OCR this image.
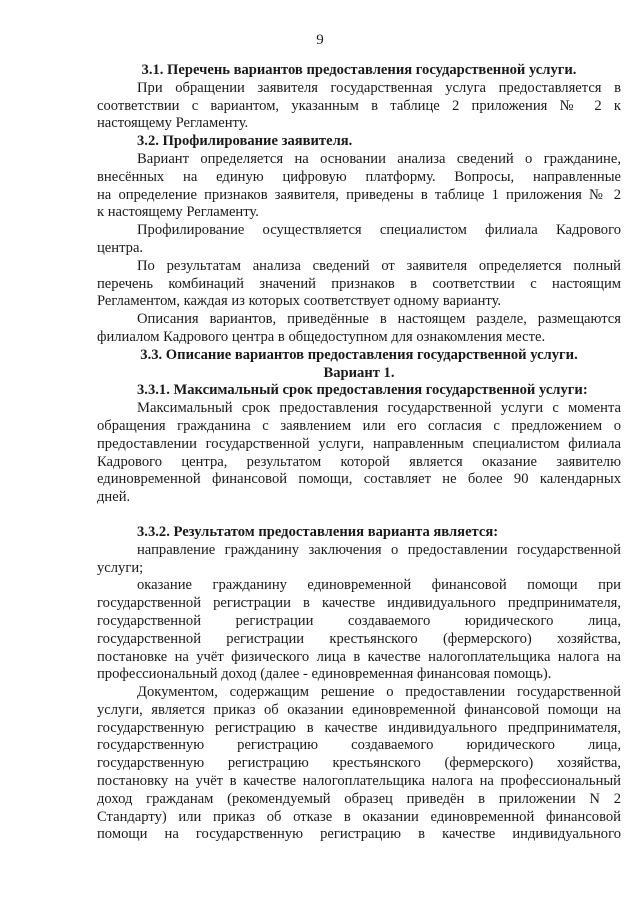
9
3.1. Перечень вариантов предоставления государственной услуги.
При обращении заявителя государственная услуга предоставляется в
соответствии с вариантом, указанным в таблице 2 приложения № 2 к
настоящему Регламенту.
3.2. Профилирование заявителя.
Вариант определяется на основании анализа сведений о гражданине,
внесённых на единую цифровую платформу. Вопросы, направленные
на определение признаков заявителя, приведены в таблице 1 приложения № 2
к настоящему Регламенту.
Профилирование осуществляется специалистом филиала Кадрового
центра.
По результатам анализа сведений от заявителя определяется полный
перечень комбинаций значений признаков в соответствии с настоящим
Регламентом, каждая из которых соответствует одному варианту.
Описания вариантов, приведённые в настоящем разделе, размещаются
филиалом Кадрового центра в общедоступном для ознакомления месте.
3.3. Описание вариантов предоставления государственной услуги.
Вариант 1.
3.3.1. Максимальный срок предоставления государственной услуги:
Максимальный срок предоставления государственной услуги с момента
обращения гражданина с заявлением или его согласия с предложением о
предоставлении государственной услуги, направленным специалистом филиала
Кадрового центра, результатом которой является оказание заявителю
единовременной финансовой помощи, составляет не более 90 календарных
дней.
3.3.2. Результатом предоставления варианта является:
направление гражданину заключения о предоставлении государственной
услуги;
оказание гражданину единовременной финансовой помощи при
государственной регистрации в качестве индивидуального предпринимателя,
государственной регистрации создаваемого юридического лица,
государственной регистрации крестьянского (фермерского) хозяйства,
постановке на учёт физического лица в качестве налогоплательщика налога на
профессиональный доход (далее - единовременная финансовая помощь).
Документом, содержащим решение о предоставлении государственной
услуги, является приказ об оказании единовременной финансовой помощи на
государственную регистрацию в качестве индивидуального предпринимателя,
государственную регистрацию создаваемого юридического лица,
государственную регистрацию крестьянского (фермерского) хозяйства,
постановку на учёт в качестве налогоплательщика налога на профессиональный
доход гражданам (рекомендуемый образец приведён в приложении N 2
Стандарту) или приказ об отказе в оказании единовременной финансовой
помощи на государственную регистрацию в качестве индивидуального
